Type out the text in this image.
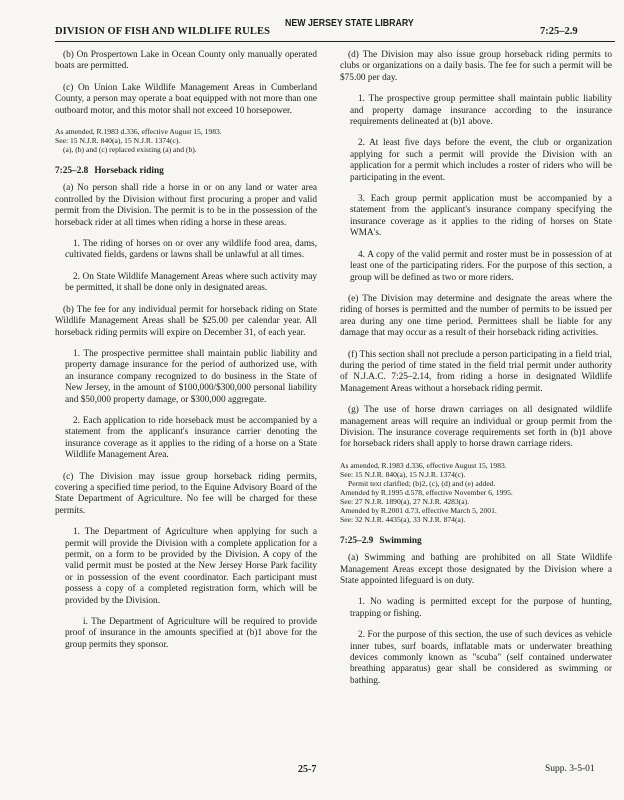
DIVISION OF FISH AND WILDLIFE RULES
NEW JERSEY STATE LIBRARY
7:25–2.9

(b) On Prospertown Lake in Ocean County only manually operated boats are permitted.

(c) On Union Lake Wildlife Management Areas in Cumberland County, a person may operate a boat equipped with not more than one outboard motor, and this motor shall not exceed 10 horsepower.

As amended, R.1983 d.336, effective August 15, 1983.
See: 15 N.J.R. 840(a), 15 N.J.R. 1374(c).
(a), (b) and (c) replaced existing (a) and (b).
7:25–2.8 Horseback riding

(a) No person shall ride a horse in or on any land or water area controlled by the Division without first procuring a proper and valid permit from the Division. The permit is to be in the possession of the horseback rider at all times when riding a horse in these areas.

1. The riding of horses on or over any wildlife food area, dams, cultivated fields, gardens or lawns shall be unlawful at all times.

2. On State Wildlife Management Areas where such activity may be permitted, it shall be done only in designated areas.

(b) The fee for any individual permit for horseback riding on State Wildlife Management Areas shall be $25.00 per calendar year. All horseback riding permits will expire on December 31, of each year.

1. The prospective permittee shall maintain public liability and property damage insurance for the period of authorized use, with an insurance company recognized to do business in the State of New Jersey, in the amount of $100,000/$300,000 personal liability and $50,000 property damage, or $300,000 aggregate.

2. Each application to ride horseback must be accompanied by a statement from the applicant's insurance carrier denoting the insurance coverage as it applies to the riding of a horse on a State Wildlife Management Area.

(c) The Division may issue group horseback riding permits, covering a specified time period, to the Equine Advisory Board of the State Department of Agriculture. No fee will be charged for these permits.

1. The Department of Agriculture when applying for such a permit will provide the Division with a complete application for a permit, on a form to be provided by the Division. A copy of the valid permit must be posted at the New Jersey Horse Park facility or in possession of the event coordinator. Each participant must possess a copy of a completed registration form, which will be provided by the Division.

i. The Department of Agriculture will be required to provide proof of insurance in the amounts specified at (b)1 above for the group permits they sponsor.

(d) The Division may also issue group horseback riding permits to clubs or organizations on a daily basis. The fee for such a permit will be $75.00 per day.

1. The prospective group permittee shall maintain public liability and property damage insurance according to the insurance requirements delineated at (b)1 above.

2. At least five days before the event, the club or organization applying for such a permit will provide the Division with an application for a permit which includes a roster of riders who will be participating in the event.

3. Each group permit application must be accompanied by a statement from the applicant's insurance company specifying the insurance coverage as it applies to the riding of horses on State WMA's.

4. A copy of the valid permit and roster must be in possession of at least one of the participating riders. For the purpose of this section, a group will be defined as two or more riders.

(e) The Division may determine and designate the areas where the riding of horses is permitted and the number of permits to be issued per area during any one time period. Permittees shall be liable for any damage that may occur as a result of their horseback riding activities.

(f) This section shall not preclude a person participating in a field trial, during the period of time stated in the field trial permit under authority of N.J.A.C. 7:25–2.14, from riding a horse in designated Wildlife Management Areas without a horseback riding permit.

(g) The use of horse drawn carriages on all designated wildlife management areas will require an individual or group permit from the Division. The insurance coverage requirements set forth in (b)1 above for horseback riders shall apply to horse drawn carriage riders.

As amended, R.1983 d.336, effective August 15, 1983.
See: 15 N.J.R. 840(a), 15 N.J.R. 1374(c).
Permit text clarified; (b)2, (c), (d) and (e) added.
Amended by R.1995 d.578, effective November 6, 1995.
See: 27 N.J.R. 1890(a), 27 N.J.R. 4283(a).
Amended by R.2001 d.73, effective March 5, 2001.
See: 32 N.J.R. 4435(a), 33 N.J.R. 874(a).
7:25–2.9 Swimming

(a) Swimming and bathing are prohibited on all State Wildlife Management Areas except those designated by the Division where a State appointed lifeguard is on duty.

1. No wading is permitted except for the purpose of hunting, trapping or fishing.

2. For the purpose of this section, the use of such devices as vehicle inner tubes, surf boards, inflatable mats or underwater breathing devices commonly known as "scuba" (self contained underwater breathing apparatus) gear shall be considered as swimming or bathing.

25-7	Supp. 3-5-01
